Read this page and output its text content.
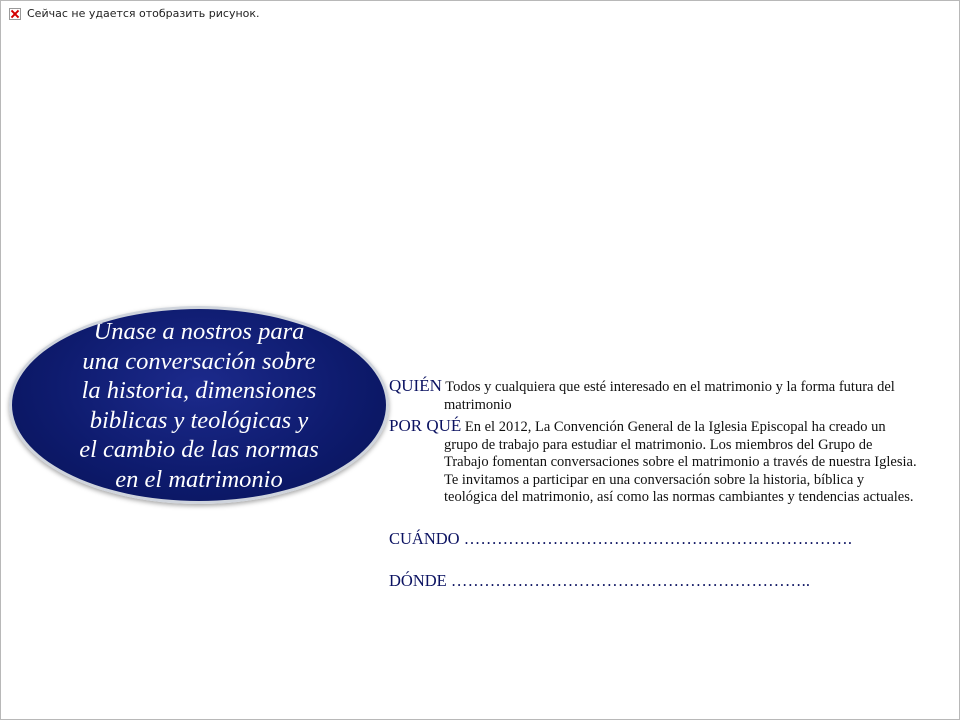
Сейчас не удается отобразить рисунок.
Únase a nostros para
una conversación sobre
la historia, dimensiones
biblicas y teológicas y
el cambio de las normas
en el matrimonio
QUIÉN Todos y cualquiera que esté interesado en el matrimonio y la forma futura del matrimonio
POR QUÉ En el 2012, La Convención General de la Iglesia Episcopal ha creado un grupo de trabajo para estudiar el matrimonio. Los miembros del Grupo de Trabajo fomentan conversaciones sobre el matrimonio a través de nuestra Iglesia. Te invitamos a participar en una conversación sobre la historia, bíblica y teológica del matrimonio, así como las normas cambiantes y tendencias actuales.
CUÁNDO …………………………………………………………….
DÓNDE ………………………………………………………..
